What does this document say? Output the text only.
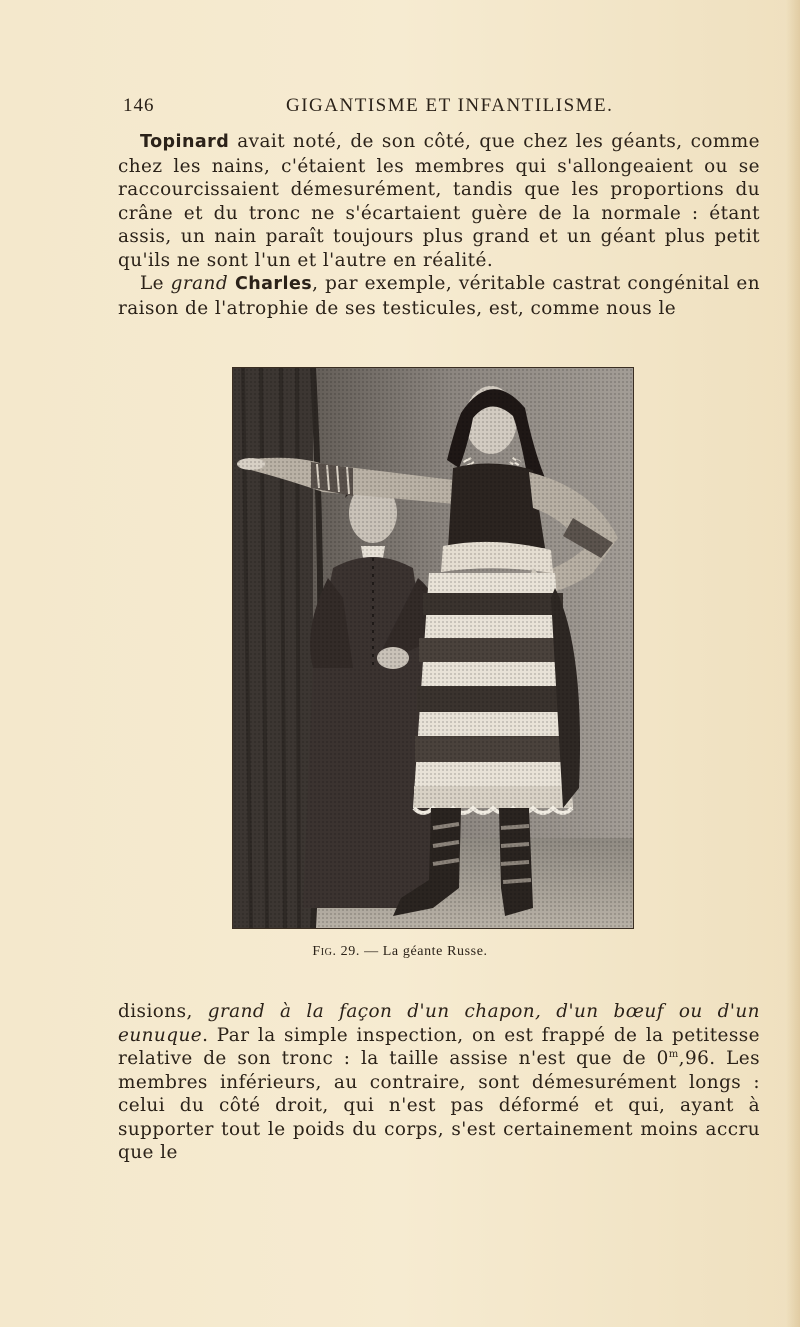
146	GIGANTISME ET INFANTILISME.

Topinard avait noté, de son côté, que chez les géants, comme chez les nains, c'étaient les membres qui s'allongeaient ou se raccourcissaient démesurément, tandis que les proportions du crâne et du tronc ne s'écartaient guère de la normale : étant assis, un nain paraît toujours plus grand et un géant plus petit qu'ils ne sont l'un et l'autre en réalité.

Le grand Charles, par exemple, véritable castrat congénital en raison de l'atrophie de ses testicules, est, comme nous le

Fig. 29. — La géante Russe.

disions, grand à la façon d'un chapon, d'un bœuf ou d'un eunuque. Par la simple inspection, on est frappé de la petitesse relative de son tronc : la taille assise n'est que de 0$^m$,96. Les membres inférieurs, au contraire, sont démesurément longs : celui du côté droit, qui n'est pas déformé et qui, ayant à supporter tout le poids du corps, s'est certainement moins accru que le
